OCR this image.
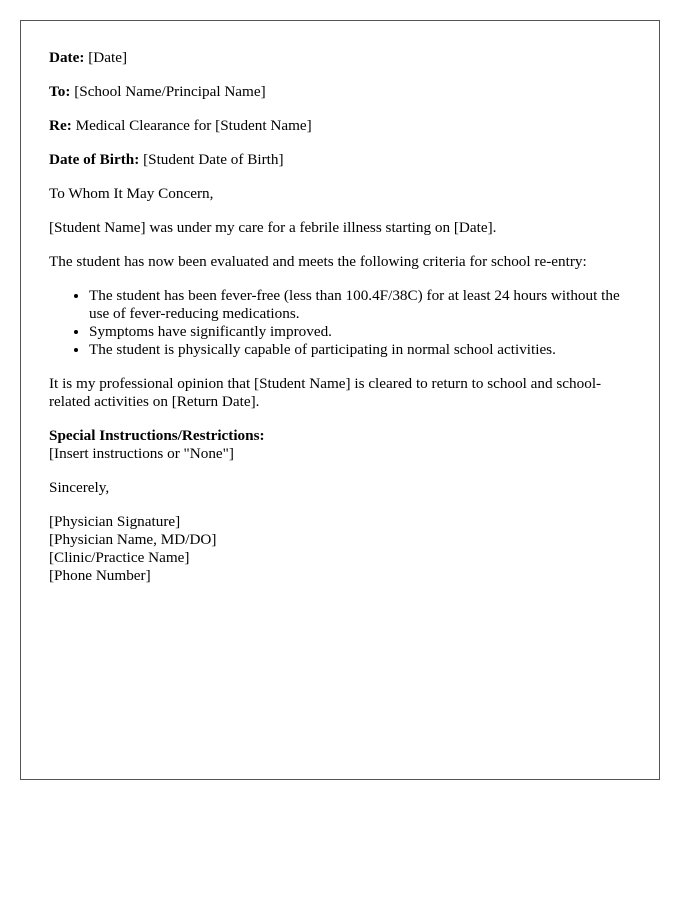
Date: [Date]

To: [School Name/Principal Name]

Re: Medical Clearance for [Student Name]

Date of Birth: [Student Date of Birth]

To Whom It May Concern,

[Student Name] was under my care for a febrile illness starting on [Date].

The student has now been evaluated and meets the following criteria for school re-entry:

• The student has been fever-free (less than 100.4F/38C) for at least 24 hours without the use of fever-reducing medications.
• Symptoms have significantly improved.
• The student is physically capable of participating in normal school activities.

It is my professional opinion that [Student Name] is cleared to return to school and school-related activities on [Return Date].

Special Instructions/Restrictions:
[Insert instructions or "None"]

Sincerely,

[Physician Signature]
[Physician Name, MD/DO]
[Clinic/Practice Name]
[Phone Number]
